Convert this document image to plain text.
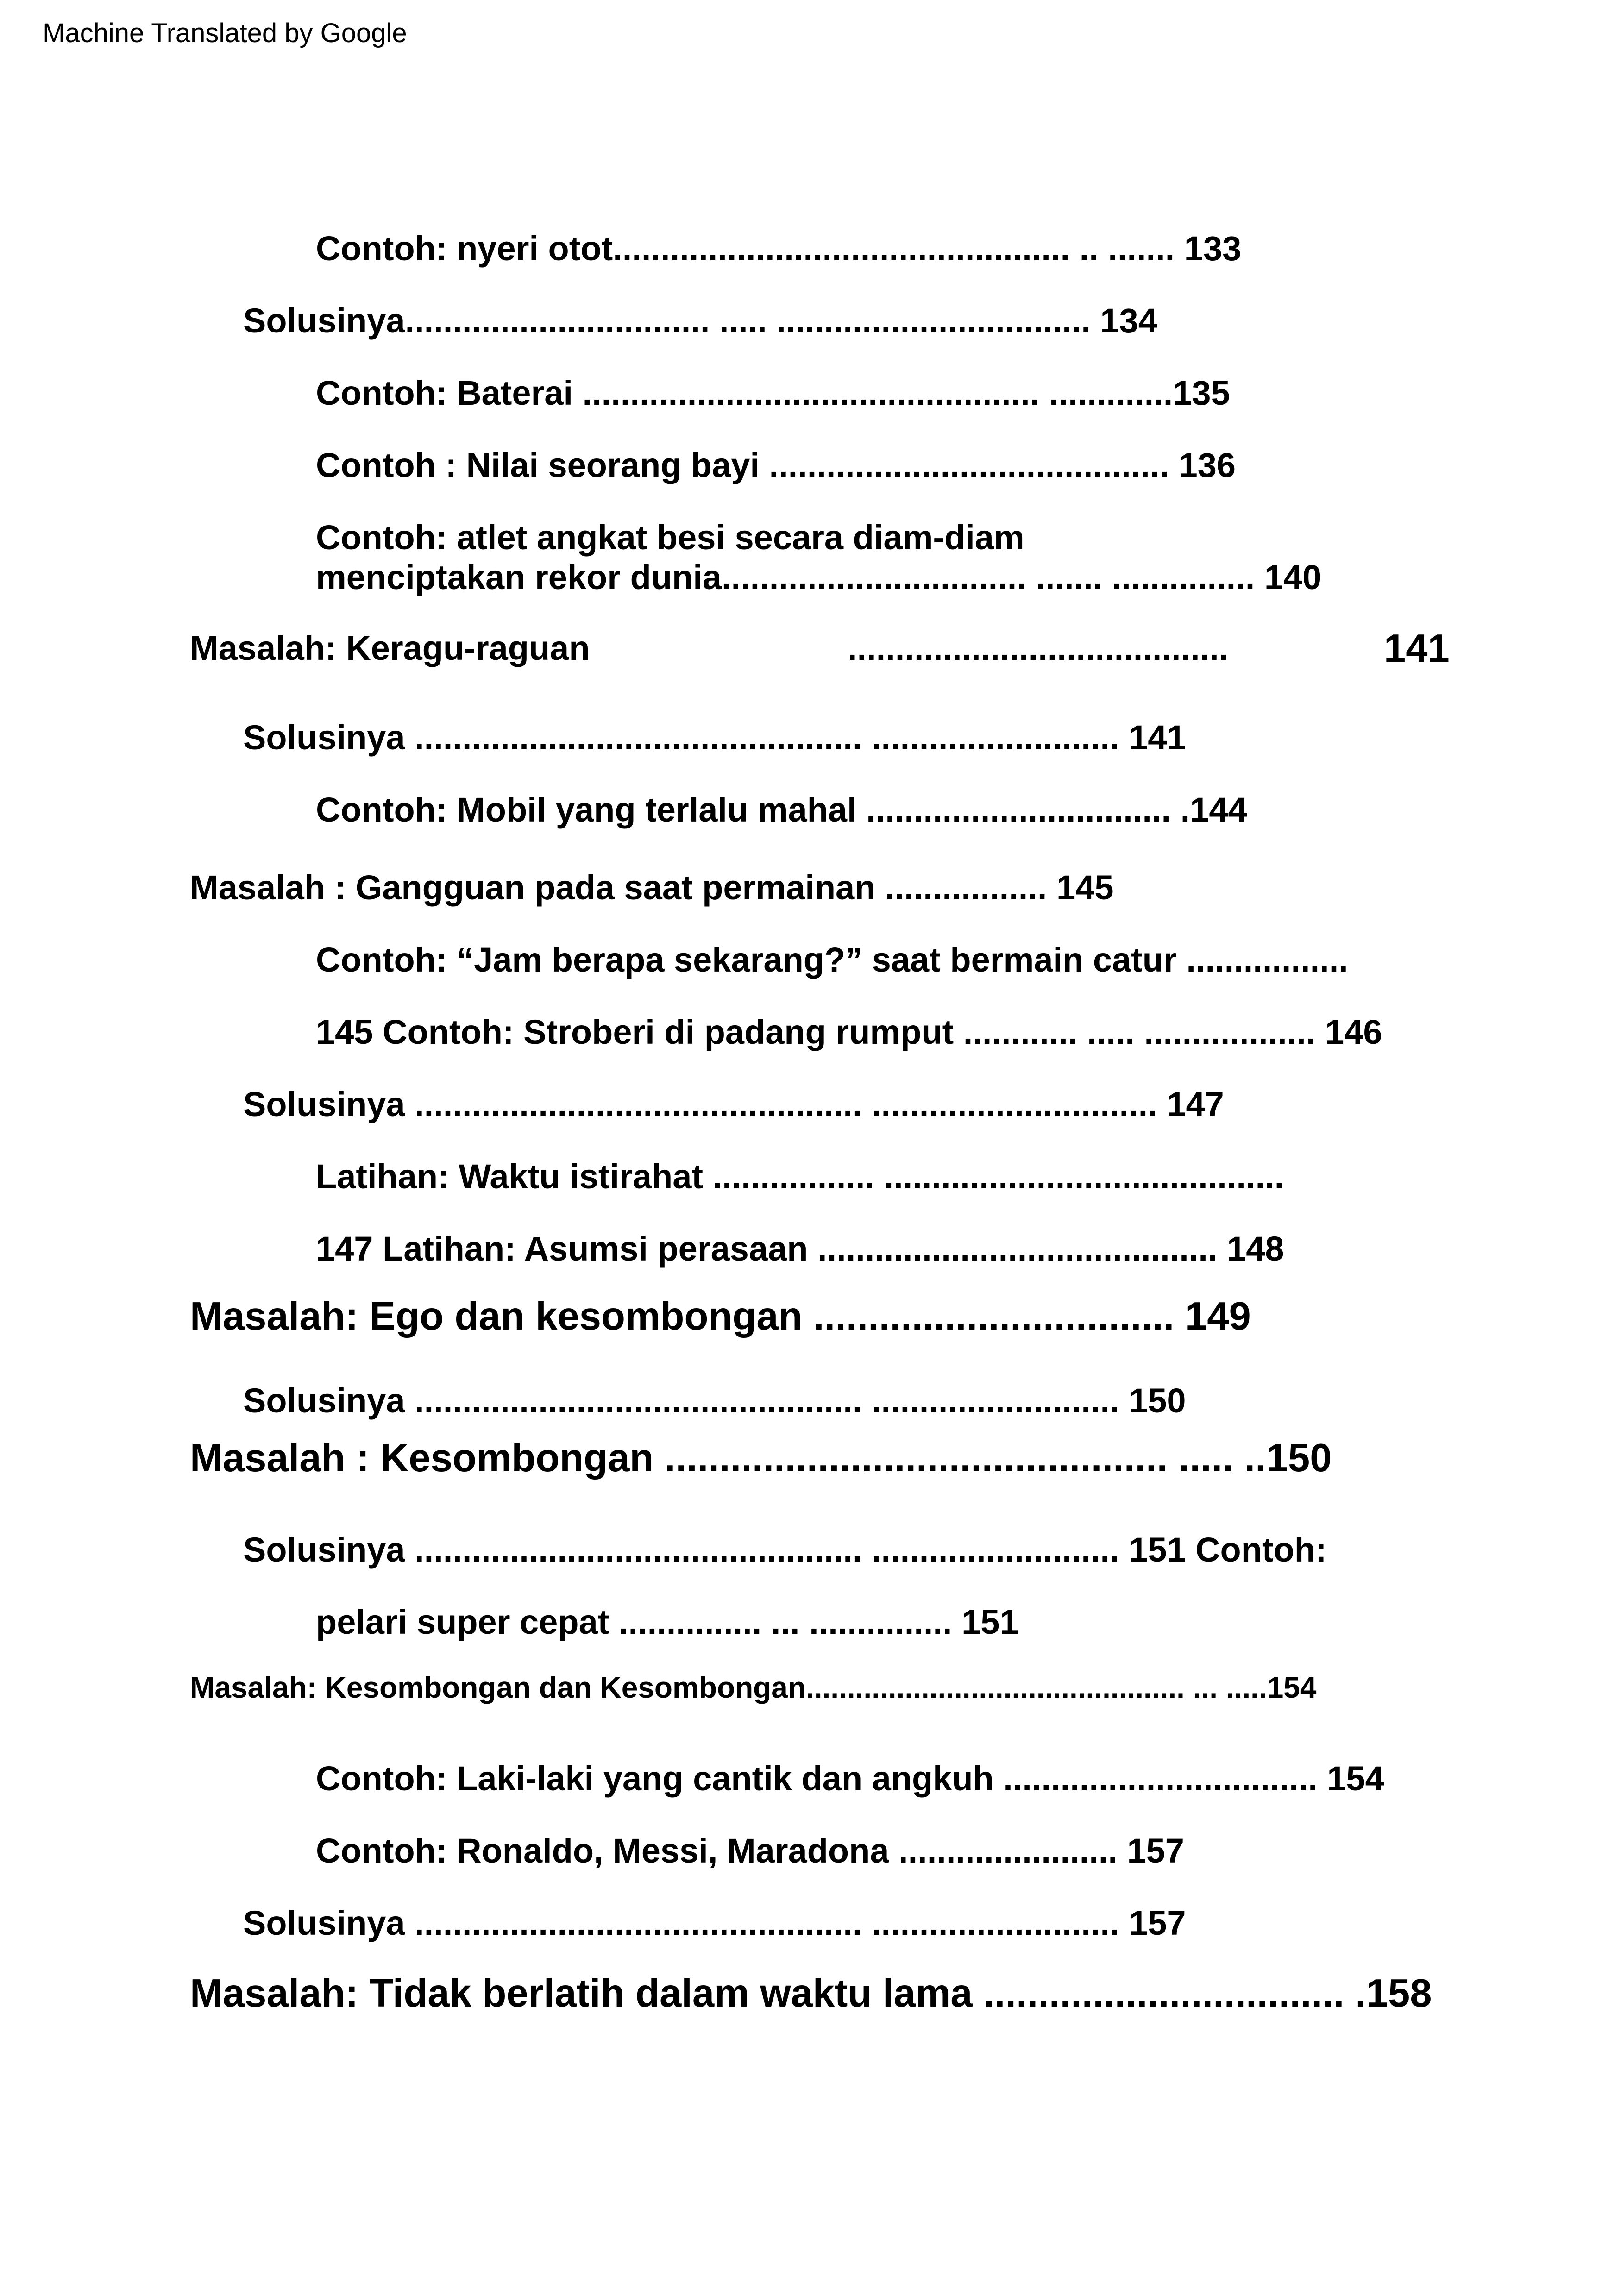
Machine Translated by Google
Contoh: nyeri otot................................................ .. ....... 133
Solusinya................................ ..... ................................. 134
Contoh: Baterai ................................................ .............135
Contoh : Nilai seorang bayi .......................................... 136
Contoh: atlet angkat besi secara diam-diam
menciptakan rekor dunia................................ ....... ............... 140
Masalah: Keragu-raguan	........................................	141
Solusinya ............................................... .......................... 141
Contoh: Mobil yang terlalu mahal ................................ .144
Masalah : Gangguan pada saat permainan ................. 145
Contoh: “Jam berapa sekarang?” saat bermain catur .................
145 Contoh: Stroberi di padang rumput ............ ..... .................. 146
Solusinya ............................................... .............................. 147
Latihan: Waktu istirahat ................. ..........................................
147 Latihan: Asumsi perasaan .......................................... 148
Masalah: Ego dan kesombongan ................................. 149
Solusinya ............................................... .......................... 150
Masalah : Kesombongan .............................................. ..... ..150
Solusinya ............................................... .......................... 151 Contoh:
pelari super cepat ............... ... ............... 151
Masalah: Kesombongan dan Kesombongan.............................................. ... .....154
Contoh: Laki-laki yang cantik dan angkuh ................................. 154
Contoh: Ronaldo, Messi, Maradona ....................... 157
Solusinya ............................................... .......................... 157
Masalah: Tidak berlatih dalam waktu lama ................................. .158
